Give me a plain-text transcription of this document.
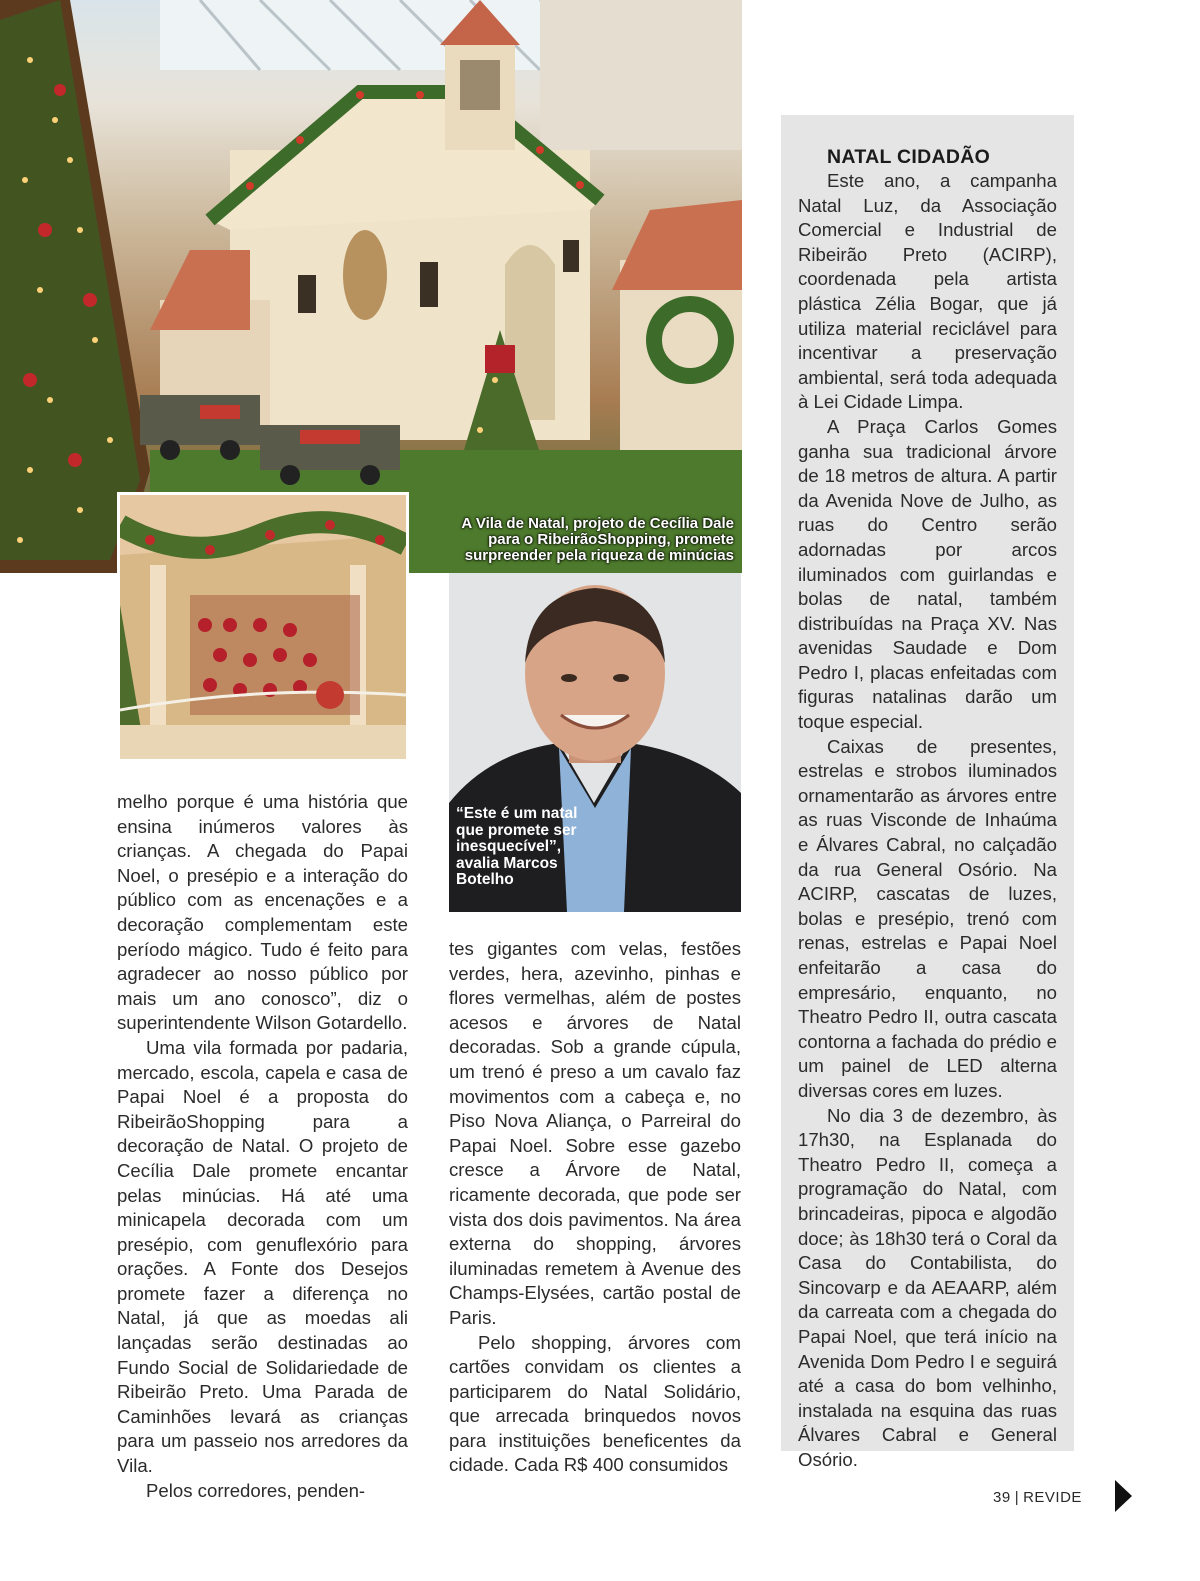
A Vila de Natal, projeto de Cecília Dale para o RibeirãoShopping, promete surpreender pela riqueza de minúcias
“Este é um natal que promete ser inesquecível”, avalia Marcos Botelho

melho porque é uma história que ensina inúmeros valores às crianças. A chegada do Papai Noel, o presépio e a interação do público com as encenações e a decoração complementam este período mágico. Tudo é feito para agradecer ao nosso público por mais um ano conosco”, diz o superintendente Wilson Gotardello.

Uma vila formada por padaria, mercado, escola, capela e casa de Papai Noel é a proposta do RibeirãoShopping para a decoração de Natal. O projeto de Cecília Dale promete encantar pelas minúcias. Há até uma minicapela decorada com um presépio, com genuflexório para orações. A Fonte dos Desejos promete fazer a diferença no Natal, já que as moedas ali lançadas serão destinadas ao Fundo Social de Solidariedade de Ribeirão Preto. Uma Parada de Caminhões levará as crianças para um passeio nos arredores da Vila.

Pelos corredores, penden-

tes gigantes com velas, festões verdes, hera, azevinho, pinhas e flores vermelhas, além de postes acesos e árvores de Natal decoradas. Sob a grande cúpula, um trenó é preso a um cavalo faz movimentos com a cabeça e, no Piso Nova Aliança, o Parreiral do Papai Noel. Sobre esse gazebo cresce a Árvore de Natal, ricamente decorada, que pode ser vista dos dois pavimentos. Na área externa do shopping, árvores iluminadas remetem à Avenue des Champs-Elysées, cartão postal de Paris.

Pelo shopping, árvores com cartões convidam os clientes a participarem do Natal Solidário, que arrecada brinquedos novos para instituições beneficentes da cidade. Cada R$ 400 consumidos

NATAL CIDADÃO

Este ano, a campanha Natal Luz, da Associação Comercial e Industrial de Ribeirão Preto (ACIRP), coordenada pela artista plástica Zélia Bogar, que já utiliza material reciclável para incentivar a preservação ambiental, será toda adequada à Lei Cidade Limpa.

A Praça Carlos Gomes ganha sua tradicional árvore de 18 metros de altura. A partir da Avenida Nove de Julho, as ruas do Centro serão adornadas por arcos iluminados com guirlandas e bolas de natal, também distribuídas na Praça XV. Nas avenidas Saudade e Dom Pedro I, placas enfeitadas com figuras natalinas darão um toque especial.

Caixas de presentes, estrelas e strobos iluminados ornamentarão as árvores entre as ruas Visconde de Inhaúma e Álvares Cabral, no calçadão da rua General Osório. Na ACIRP, cascatas de luzes, bolas e presépio, trenó com renas, estrelas e Papai Noel enfeitarão a casa do empresário, enquanto, no Theatro Pedro II, outra cascata contorna a fachada do prédio e um painel de LED alterna diversas cores em luzes.

No dia 3 de dezembro, às 17h30, na Esplanada do Theatro Pedro II, começa a programação do Natal, com brincadeiras, pipoca e algodão doce; às 18h30 terá o Coral da Casa do Contabilista, do Sincovarp e da AEAARP, além da carreata com a chegada do Papai Noel, que terá início na Avenida Dom Pedro I e seguirá até a casa do bom velhinho, instalada na esquina das ruas Álvares Cabral e General Osório.

39 | REVIDE
